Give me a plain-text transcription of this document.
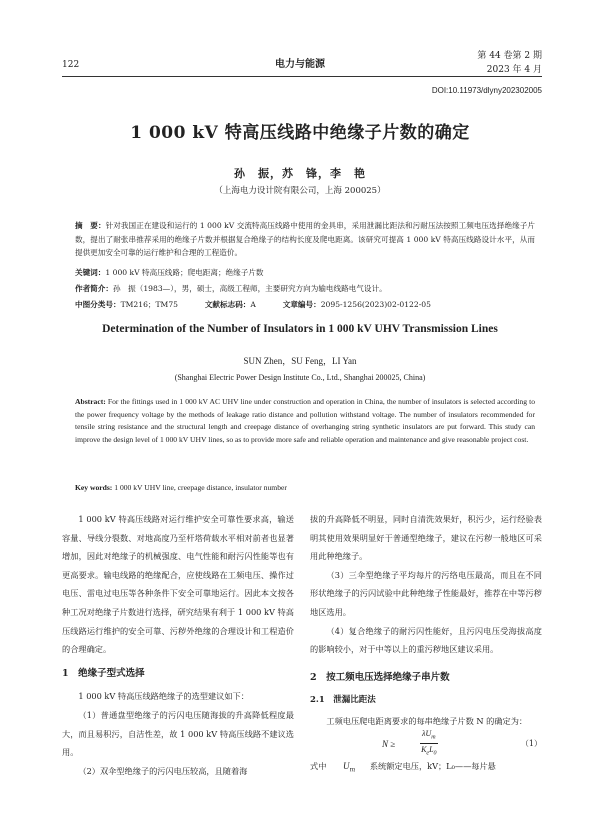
122	电力与能源
第 44 卷第 2 期
2023 年 4 月
DOI:10.11973/dlyny202302005
1 000 kV 特高压线路中绝缘子片数的确定
孙　振，苏　锋，李　艳
（上海电力设计院有限公司，上海 200025）
摘　要：针对我国正在建设和运行的 1 000 kV 交流特高压线路中使用的金具串，采用泄漏比距法和污耐压法按照工频电压选择绝缘子片数，提出了耐张串推荐采用的绝缘子片数并根据复合绝缘子的结构长度及爬电距离。该研究可提高 1 000 kV 特高压线路设计水平，从而提供更加安全可靠的运行维护和合理的工程造价。
关键词：1 000 kV 特高压线路；爬电距离；绝缘子片数
作者简介：孙　振（1983—），男，硕士，高级工程师，主要研究方向为输电线路电气设计。
中图分类号：TM216；TM75	文献标志码：A	文章编号：2095-1256(2023)02-0122-05
Determination of the Number of Insulators in 1 000 kV UHV Transmission Lines
SUN Zhen，SU Feng，LI Yan
(Shanghai Electric Power Design Institute Co., Ltd., Shanghai 200025, China)
Abstract: For the fittings used in 1 000 kV AC UHV line under construction and operation in China, the number of insulators is selected according to the power frequency voltage by the methods of leakage ratio distance and pollution withstand voltage. The number of insulators recommended for tensile string resistance and the structural length and creepage distance of overhanging string synthetic insulators are put forward. This study can improve the design level of 1 000 kV UHV lines, so as to provide more safe and reliable operation and maintenance and give reasonable project cost.
Key words: 1 000 kV UHV line, creepage distance, insulator number

1 000 kV 特高压线路对运行维护安全可靠性要求高，输送容量、导线分裂数、对地高度乃至杆塔荷载水平相对前者也显著增加，因此对绝缘子的机械强度、电气性能和耐污闪性能等也有更高要求。输电线路的绝缘配合，应使线路在工频电压、操作过电压、雷电过电压等各种条件下安全可靠地运行。因此本文按各种工况对绝缘子片数进行选择，研究结果有利于 1 000 kV 特高压线路运行维护的安全可靠、污秽外绝缘的合理设计和工程造价的合理确定。

1　绝缘子型式选择

1 000 kV 特高压线路绝缘子的选型建议如下：

（1）普通盘型绝缘子的污闪电压随海拔的升高降低程度最大，而且易积污，自洁性差，故 1 000 kV 特高压线路不建议选用。

（2）双伞型绝缘子的污闪电压较高，且随着海

拔的升高降低不明显，同时自清洗效果好，积污少，运行经验表明其使用效果明显好于普通型绝缘子，建议在污秽一般地区可采用此种绝缘子。

（3）三伞型绝缘子平均每片的污络电压最高，而且在不同形状绝缘子的污闪试验中此种绝缘子性能最好，推荐在中等污秽地区选用。

（4）复合绝缘子的耐污闪性能好，且污闪电压受海拔高度的影响较小，对于中等以上的重污秽地区建议采用。

2　按工频电压选择绝缘子串片数
2.1　泄漏比距法

工频电压爬电距离要求的每串绝缘子片数 N 的确定为：

N ≥
$\lambda U_m$
$K_eL_0$
（1）
式中 $U_m$ 系统额定电压，kV；L₀——每片悬
